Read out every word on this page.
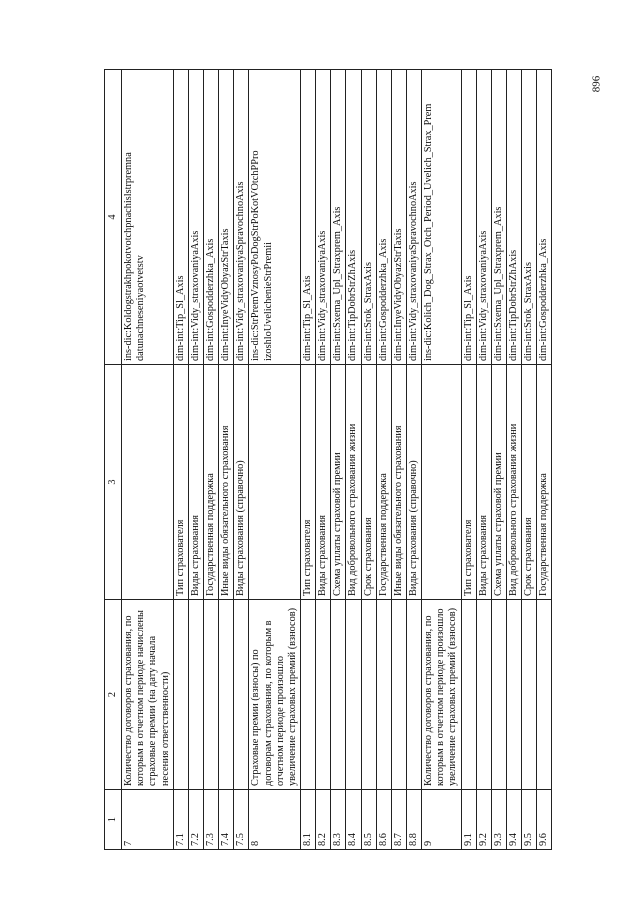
896
1	2	3	4
7	Количество договоров страхования, по которым в отчетном периоде начислены страховые премии (на дату начала несения ответственности)		ins-dic:Koldogstrakhpokotvotchpnachislstrpremna datunachneseniyaotvetstv
7.1		Тип страхователя	dim-int:Tip_Sl_Axis
7.2		Виды страхования	dim-int:Vidy_straxovaniyaAxis
7.3		Государственная поддержка	dim-int:Gospodderzhka_Axis
7.4		Иные виды обязательного страхования	dim-int:InyeVidyObyazStrTaxis
7.5		Виды страхования (справочно)	dim-int:Vidy_straxovaniyaSpravochnoAxis
8	Страховые премии (взносы) по договорам страхования, по которым в отчетном периоде произошло увеличение страховых премий (взносов)		ins-dic:StrPremVznosyPoDogStrPoKotVOtchPPro izoshloUvelichenieStrPremii
8.1		Тип страхователя	dim-int:Tip_Sl_Axis
8.2		Виды страхования	dim-int:Vidy_straxovaniyaAxis
8.3		Схема уплаты страховой премии	dim-int:Sxema_Upl_Straxprem_Axis
8.4		Вид добровольного страхования жизни	dim-int:TipDobrStrZhAxis
8.5		Срок страхования	dim-int:Srok_StraxAxis
8.6		Государственная поддержка	dim-int:Gospodderzhka_Axis
8.7		Иные виды обязательного страхования	dim-int:InyeVidyObyazStrTaxis
8.8		Виды страхования (справочно)	dim-int:Vidy_straxovaniyaSpravochnoAxis
9	Количество договоров страхования, по которым в отчетном периоде произошло увеличение страховых премий (взносов)		ins-dic:Kolich_Dog_Strax_Otch_Period_Uvelich_Strax_Prem
9.1		Тип страхователя	dim-int:Tip_Sl_Axis
9.2		Виды страхования	dim-int:Vidy_straxovaniyaAxis
9.3		Схема уплаты страховой премии	dim-int:Sxema_Upl_Straxprem_Axis
9.4		Вид добровольного страхования жизни	dim-int:TipDobrStrZhAxis
9.5		Срок страхования	dim-int:Srok_StraxAxis
9.6		Государственная поддержка	dim-int:Gospodderzhka_Axis
